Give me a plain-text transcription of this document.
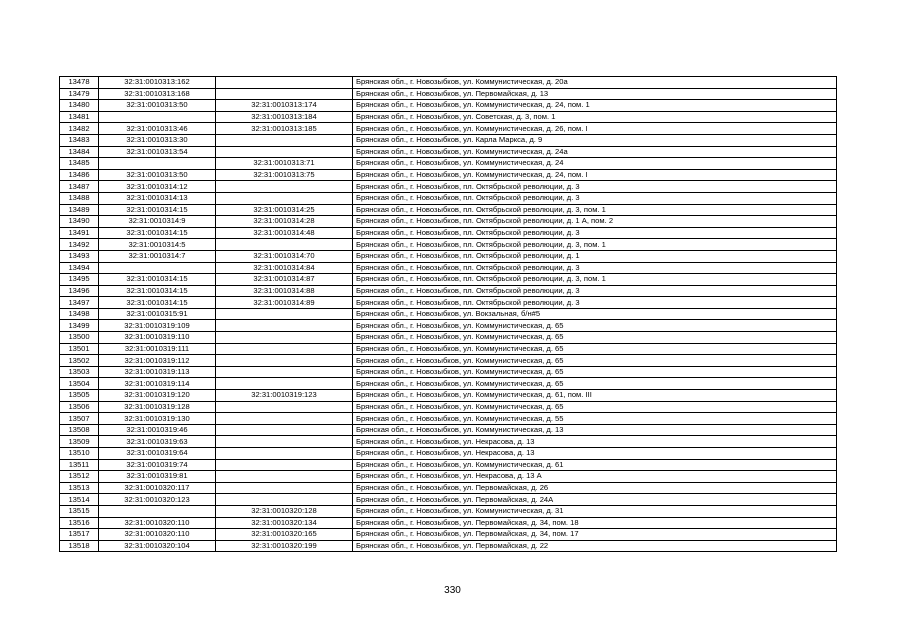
13478	32:31:0010313:162		Брянская обл., г. Новозыбков, ул. Коммунистическая, д. 20а
13479	32:31:0010313:168		Брянская обл., г. Новозыбков, ул. Первомайская, д. 13
13480	32:31:0010313:50	32:31:0010313:174	Брянская обл., г. Новозыбков, ул. Коммунистическая, д. 24, пом. 1
13481		32:31:0010313:184	Брянская обл., г. Новозыбков, ул. Советская, д. 3, пом. 1
13482	32:31:0010313:46	32:31:0010313:185	Брянская обл., г. Новозыбков, ул. Коммунистическая, д. 26, пом. I
13483	32:31:0010313:30		Брянская обл., г. Новозыбков, ул. Карла Маркса, д. 9
13484	32:31:0010313:54		Брянская обл., г. Новозыбков, ул. Коммунистическая, д. 24а
13485		32:31:0010313:71	Брянская обл., г. Новозыбков, ул. Коммунистическая, д. 24
13486	32:31:0010313:50	32:31:0010313:75	Брянская обл., г. Новозыбков, ул. Коммунистическая, д. 24, пом. I
13487	32:31:0010314:12		Брянская обл., г. Новозыбков, пл. Октябрьской революции, д. 3
13488	32:31:0010314:13		Брянская обл., г. Новозыбков, пл. Октябрьской революции, д. 3
13489	32:31:0010314:15	32:31:0010314:25	Брянская обл., г. Новозыбков, пл. Октябрьской революции, д. 3, пом. 1
13490	32:31:0010314:9	32:31:0010314:28	Брянская обл., г. Новозыбков, пл. Октябрьской революции, д. 1 А, пом. 2
13491	32:31:0010314:15	32:31:0010314:48	Брянская обл., г. Новозыбков, пл. Октябрьской революции, д. 3
13492	32:31:0010314:5		Брянская обл., г. Новозыбков, пл. Октябрьской революции, д. 3, пом. 1
13493	32:31:0010314:7	32:31:0010314:70	Брянская обл., г. Новозыбков, пл. Октябрьской революции, д. 1
13494		32:31:0010314:84	Брянская обл., г. Новозыбков, пл. Октябрьской революции, д. 3
13495	32:31:0010314:15	32:31:0010314:87	Брянская обл., г. Новозыбков, пл. Октябрьской революции, д. 3, пом. 1
13496	32:31:0010314:15	32:31:0010314:88	Брянская обл., г. Новозыбков, пл. Октябрьской революции, д. 3
13497	32:31:0010314:15	32:31:0010314:89	Брянская обл., г. Новозыбков, пл. Октябрьской революции, д. 3
13498	32:31:0010315:91		Брянская обл., г. Новозыбков, ул. Вокзальная, б/н#5
13499	32:31:0010319:109		Брянская обл., г. Новозыбков, ул. Коммунистическая, д. 65
13500	32:31:0010319:110		Брянская обл., г. Новозыбков, ул. Коммунистическая, д. 65
13501	32:31:0010319:111		Брянская обл., г. Новозыбков, ул. Коммунистическая, д. 65
13502	32:31:0010319:112		Брянская обл., г. Новозыбков, ул. Коммунистическая, д. 65
13503	32:31:0010319:113		Брянская обл., г. Новозыбков, ул. Коммунистическая, д. 65
13504	32:31:0010319:114		Брянская обл., г. Новозыбков, ул. Коммунистическая, д. 65
13505	32:31:0010319:120	32:31:0010319:123	Брянская обл., г. Новозыбков, ул. Коммунистическая, д. 61, пом. III
13506	32:31:0010319:128		Брянская обл., г. Новозыбков, ул. Коммунистическая, д. 65
13507	32:31:0010319:130		Брянская обл., г. Новозыбков, ул. Коммунистическая, д. 55
13508	32:31:0010319:46		Брянская обл., г. Новозыбков, ул. Коммунистическая, д. 13
13509	32:31:0010319:63		Брянская обл., г. Новозыбков, ул. Некрасова, д. 13
13510	32:31:0010319:64		Брянская обл., г. Новозыбков, ул. Некрасова, д. 13
13511	32:31:0010319:74		Брянская обл., г. Новозыбков, ул. Коммунистическая, д. 61
13512	32:31:0010319:81		Брянская обл., г. Новозыбков, ул. Некрасова, д. 13 А
13513	32:31:0010320:117		Брянская обл., г. Новозыбков, ул. Первомайская, д. 26
13514	32:31:0010320:123		Брянская обл., г. Новозыбков, ул. Первомайская, д. 24А
13515		32:31:0010320:128	Брянская обл., г. Новозыбков, ул. Коммунистическая, д. 31
13516	32:31:0010320:110	32:31:0010320:134	Брянская обл., г. Новозыбков, ул. Первомайская, д. 34, пом. 18
13517	32:31:0010320:110	32:31:0010320:165	Брянская обл., г. Новозыбков, ул. Первомайская, д. 34, пом. 17
13518	32:31:0010320:104	32:31:0010320:199	Брянская обл., г. Новозыбков, ул. Первомайская, д. 22
330
